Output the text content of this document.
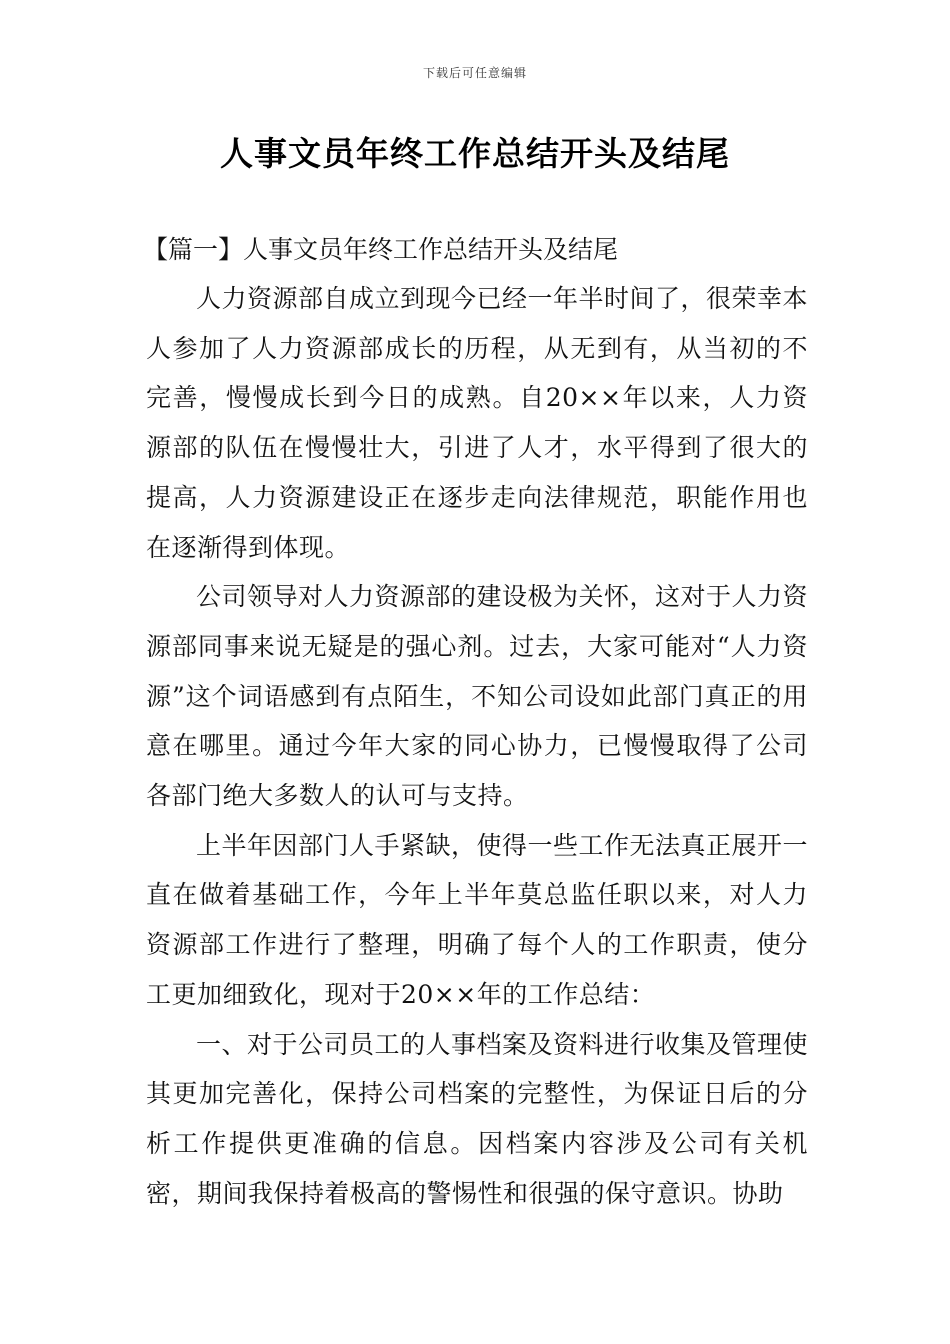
下载后可任意编辑
人事文员年终工作总结开头及结尾

【篇一】人事文员年终工作总结开头及结尾

人力资源部自成立到现今已经一年半时间了，很荣幸本人参加了人力资源部成长的历程，从无到有，从当初的不完善，慢慢成长到今日的成熟。自20××年以来，人力资源部的队伍在慢慢壮大，引进了人才，水平得到了很大的提高，人力资源建设正在逐步走向法律规范，职能作用也在逐渐得到体现。

公司领导对人力资源部的建设极为关怀，这对于人力资源部同事来说无疑是的强心剂。过去，大家可能对“人力资源”这个词语感到有点陌生，不知公司设如此部门真正的用意在哪里。通过今年大家的同心协力，已慢慢取得了公司各部门绝大多数人的认可与支持。

上半年因部门人手紧缺，使得一些工作无法真正展开一直在做着基础工作，今年上半年莫总监任职以来，对人力资源部工作进行了整理，明确了每个人的工作职责，使分工更加细致化，现对于20××年的工作总结：

一、对于公司员工的人事档案及资料进行收集及管理使其更加完善化，保持公司档案的完整性，为保证日后的分析工作提供更准确的信息。因档案内容涉及公司有关机密，期间我保持着极高的警惕性和很强的保守意识。协助
